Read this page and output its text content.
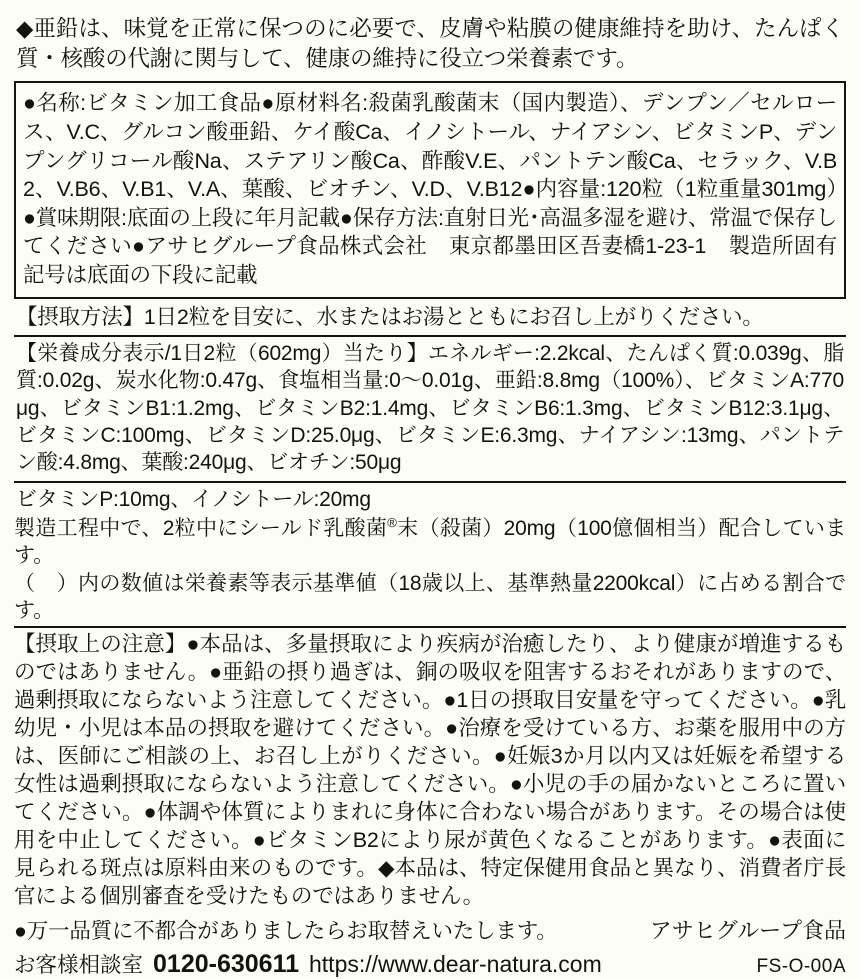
◆亜鉛は、味覚を正常に保つのに必要で、皮膚や粘膜の健康維持を助け、たんぱく質・核酸の代謝に関与して、健康の維持に役立つ栄養素です。
●名称:ビタミン加工食品●原材料名:殺菌乳酸菌末（国内製造）、デンプン／セルロース、V.C、グルコン酸亜鉛、ケイ酸Ca、イノシトール、ナイアシン、ビタミンP、デンプングリコール酸Na、ステアリン酸Ca、酢酸V.E、パントテン酸Ca、セラック、V.B2、V.B6、V.B1、V.A、葉酸、ビオチン、V.D、V.B12●内容量:120粒（1粒重量301mg）●賞味期限:底面の上段に年月記載●保存方法:直射日光･高温多湿を避け、常温で保存してください●アサヒグループ食品株式会社　東京都墨田区吾妻橋1-23-1　製造所固有記号は底面の下段に記載
【摂取方法】1日2粒を目安に、水またはお湯とともにお召し上がりください。
【栄養成分表示/1日2粒（602mg）当たり】エネルギー:2.2kcal、たんぱく質:0.039g、脂質:0.02g、炭水化物:0.47g、食塩相当量:0〜0.01g、亜鉛:8.8mg（100%）、ビタミンA:770μg、ビタミンB1:1.2mg、ビタミンB2:1.4mg、ビタミンB6:1.3mg、ビタミンB12:3.1μg、ビタミンC:100mg、ビタミンD:25.0μg、ビタミンE:6.3mg、ナイアシン:13mg、パントテン酸:4.8mg、葉酸:240μg、ビオチン:50μg
ビタミンP:10mg、イノシトール:20mg
製造工程中で、2粒中にシールド乳酸菌®末（殺菌）20mg（100億個相当）配合しています。
（　）内の数値は栄養素等表示基準値（18歳以上、基準熱量2200kcal）に占める割合です。
【摂取上の注意】●本品は、多量摂取により疾病が治癒したり、より健康が増進するものではありません。●亜鉛の摂り過ぎは、銅の吸収を阻害するおそれがありますので、過剰摂取にならないよう注意してください。●1日の摂取目安量を守ってください。●乳幼児・小児は本品の摂取を避けてください。●治療を受けている方、お薬を服用中の方は、医師にご相談の上、お召し上がりください。●妊娠3か月以内又は妊娠を希望する女性は過剰摂取にならないよう注意してください。●小児の手の届かないところに置いてください。●体調や体質によりまれに身体に合わない場合があります。その場合は使用を中止してください。●ビタミンB2により尿が黄色くなることがあります。●表面に見られる斑点は原料由来のものです。◆本品は、特定保健用食品と異なり、消費者庁長官による個別審査を受けたものではありません。
●万一品質に不都合がありましたらお取替えいたします。	アサヒグループ食品
お客様相談室 0120-630611 https://www.dear-natura.com	FS-O-00A
